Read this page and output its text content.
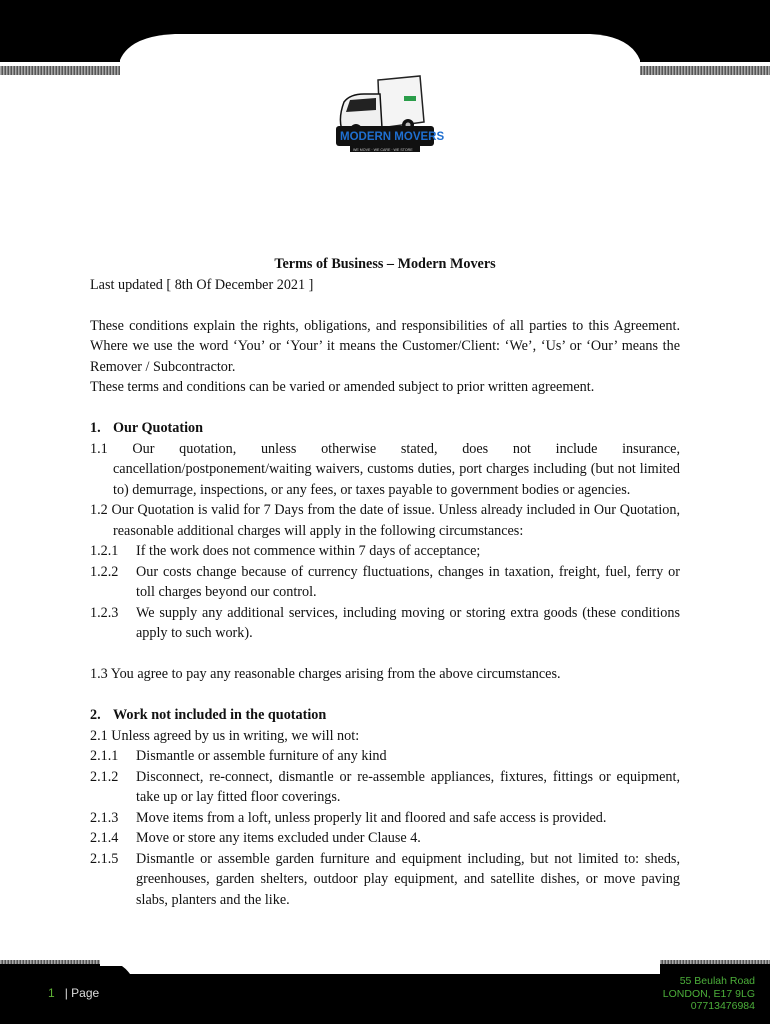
MODERN MOVERS
WE MOVE · WE CARE · WE STORE

Terms of Business – Modern Movers

Last updated [ 8th Of December 2021 ]

These conditions explain the rights, obligations, and responsibilities of all parties to this Agreement. Where we use the word ‘You’ or ‘Your’ it means the Customer/Client: ‘We’, ‘Us’ or ‘Our’ means the Remover / Subcontractor.

These terms and conditions can be varied or amended subject to prior written agreement.

1. Our Quotation

1.1 Our quotation, unless otherwise stated, does not include insurance, cancellation/postponement/waiting waivers, customs duties, port charges including (but not limited to) demurrage, inspections, or any fees, or taxes payable to government bodies or agencies.

1.2 Our Quotation is valid for 7 Days from the date of issue. Unless already included in Our Quotation, reasonable additional charges will apply in the following circumstances:

1.2.1	If the work does not commence within 7 days of acceptance;
1.2.2	Our costs change because of currency fluctuations, changes in taxation, freight, fuel, ferry or toll charges beyond our control.
1.2.3	We supply any additional services, including moving or storing extra goods (these conditions apply to such work).

1.3 You agree to pay any reasonable charges arising from the above circumstances.

2. Work not included in the quotation

2.1 Unless agreed by us in writing, we will not:

2.1.1	Dismantle or assemble furniture of any kind
2.1.2	Disconnect, re-connect, dismantle or re-assemble appliances, fixtures, fittings or equipment, take up or lay fitted floor coverings.
2.1.3	Move items from a loft, unless properly lit and floored and safe access is provided.
2.1.4	Move or store any items excluded under Clause 4.
2.1.5	Dismantle or assemble garden furniture and equipment including, but not limited to: sheds, greenhouses, garden shelters, outdoor play equipment, and satellite dishes, or move paving slabs, planters and the like.
1 | Page
55 Beulah Road
LONDON, E17 9LG
07713476984
